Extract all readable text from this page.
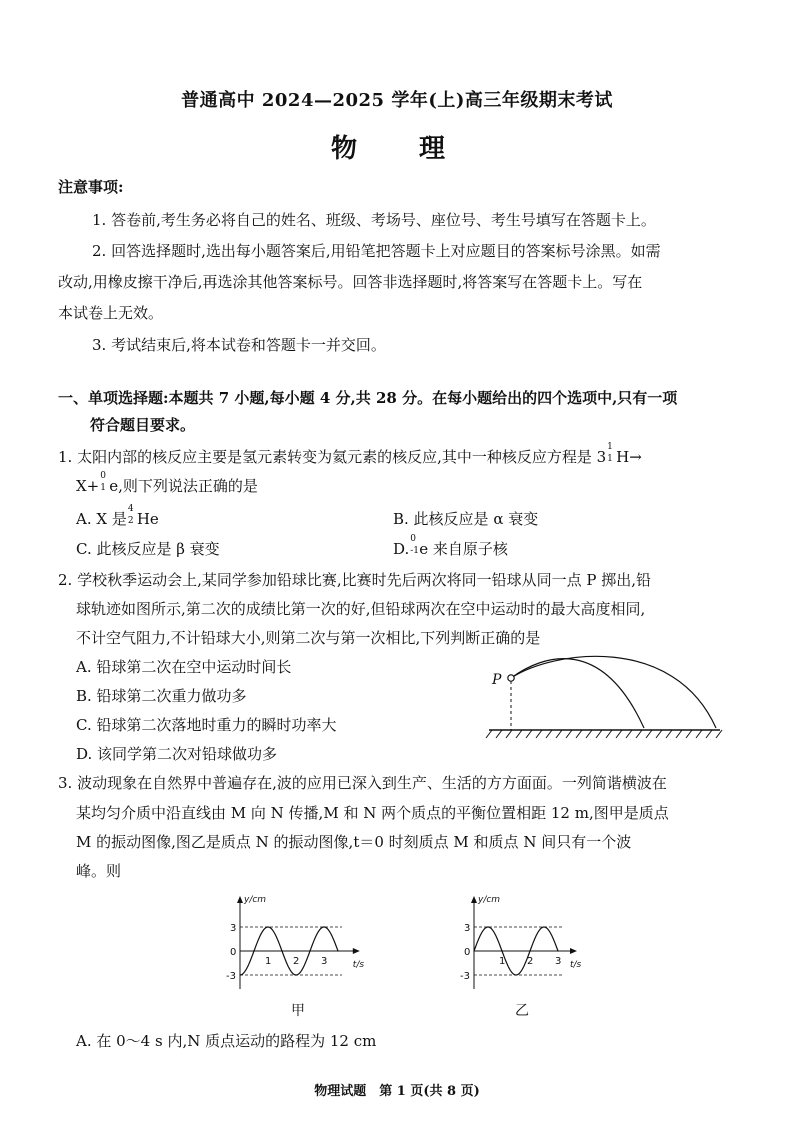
普通高中 2024—2025 学年(上)高三年级期末考试
物　理
注意事项:
1. 答卷前,考生务必将自己的姓名、班级、考场号、座位号、考生号填写在答题卡上。
2. 回答选择题时,选出每小题答案后,用铅笔把答题卡上对应题目的答案标号涂黑。如需
改动,用橡皮擦干净后,再选涂其他答案标号。回答非选择题时,将答案写在答题卡上。写在
本试卷上无效。
3. 考试结束后,将本试卷和答题卡一并交回。
一、单项选择题:本题共 7 小题,每小题 4 分,共 28 分。在每小题给出的四个选项中,只有一项
符合题目要求。
1. 太阳内部的核反应主要是氢元素转变为氦元素的核反应,其中一种核反应方程是 3
1
1 H→
X+
0
1 e,则下列说法正确的是
A. X 是
4
2 He	B. 此核反应是 α 衰变
C. 此核反应是 β 衰变	D.
0
-1 e 来自原子核
2. 学校秋季运动会上,某同学参加铅球比赛,比赛时先后两次将同一铅球从同一点 P 掷出,铅
球轨迹如图所示,第二次的成绩比第一次的好,但铅球两次在空中运动时的最大高度相同,
不计空气阻力,不计铅球大小,则第二次与第一次相比,下列判断正确的是
A. 铅球第二次在空中运动时间长
B. 铅球第二次重力做功多
C. 铅球第二次落地时重力的瞬时功率大
D. 该同学第二次对铅球做功多
P
3. 波动现象在自然界中普遍存在,波的应用已深入到生产、生活的方方面面。一列简谐横波在
某均匀介质中沿直线由 M 向 N 传播,M 和 N 两个质点的平衡位置相距 12 m,图甲是质点
M 的振动图像,图乙是质点 N 的振动图像,t＝0 时刻质点 M 和质点 N 间只有一个波
峰。则
y/cm
t/s
3
0
-3
1 2 3
甲
y/cm
t/s
3
0
-3
1 2 3
乙
A. 在 0～4 s 内,N 质点运动的路程为 12 cm
物理试题　第 1 页(共 8 页)
